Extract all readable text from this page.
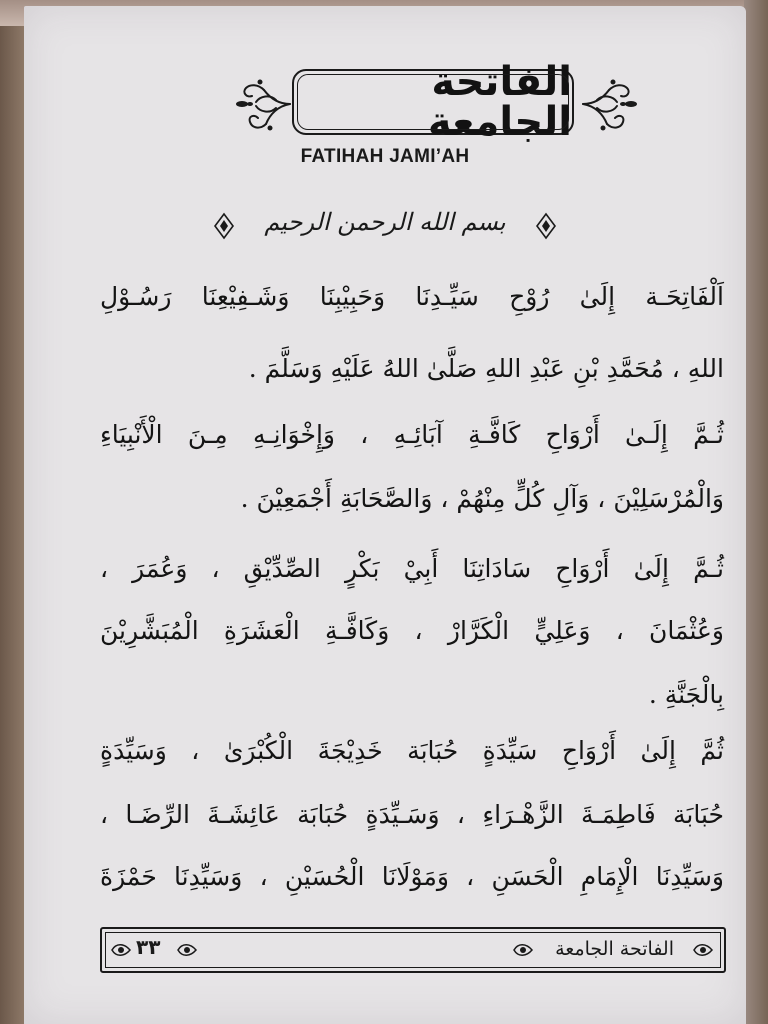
الفاتحة الجامعة
FATIHAH JAMI’AH
بسم الله الرحمن الرحيم
اَلْفَاتِحَـة إِلَىٰ رُوْحِ سَيِّـدِنَا وَحَبِيْبِنَا وَشَـفِيْعِنَا رَسُـوْلِ
اللهِ ، مُحَمَّدِ بْنِ عَبْدِ اللهِ صَلَّىٰ اللهُ عَلَيْهِ وَسَلَّمَ .
ثُـمَّ إِلَـىٰ أَرْوَاحِ كَافَّـةِ آبَائِـهِ ، وَإِخْوَانِـهِ مِـنَ الْأَنْبِيَاءِ
وَالْمُرْسَلِيْنَ ، وَآلِ كُلٍّ مِنْهُمْ ، وَالصَّحَابَةِ أَجْمَعِيْنَ .
ثُـمَّ إِلَىٰ أَرْوَاحِ سَادَاتِنَا أَبِيْ بَكْرٍ الصِّدِّيْقِ ، وَعُمَرَ ،
وَعُثْمَانَ ، وَعَلِيٍّ الْكَرَّارْ ، وَكَافَّـةِ الْعَشَرَةِ الْمُبَشَّرِيْنَ
بِالْجَنَّةِ .
ثُمَّ إِلَىٰ أَرْوَاحِ سَيِّدَةٍ حُبَابَة خَدِيْجَةَ الْكُبْرَىٰ ، وَسَيِّدَةٍ
حُبَابَة فَاطِمَـةَ الزَّهْـرَاءِ ، وَسَـيِّدَةٍ حُبَابَة عَائِشَـةَ الرِّضَـا ،
وَسَيِّدِنَا الْإِمَامِ الْحَسَنِ ، وَمَوْلَانَا الْحُسَيْنِ ، وَسَيِّدِنَا حَمْزَةَ
٣٣	الفاتحة الجامعة
